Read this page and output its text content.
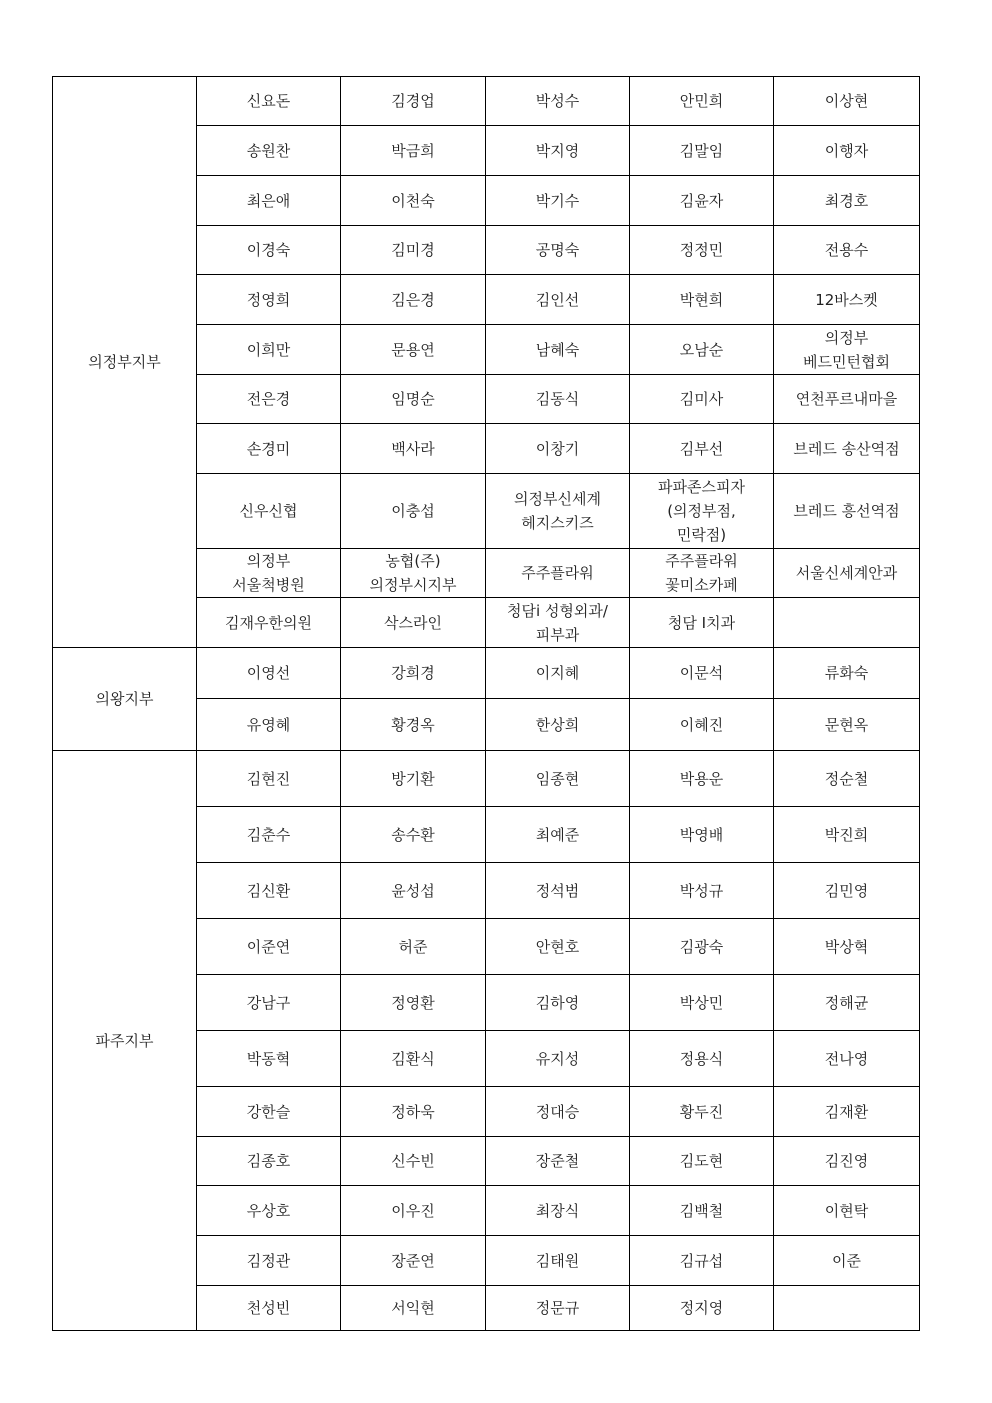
의정부지부	신요돈	김경업	박성수	안민희	이상현
	송원찬	박금희	박지영	김말임	이행자
	최은애	이천숙	박기수	김윤자	최경호
	이경숙	김미경	공명숙	정정민	전용수
	정영희	김은경	김인선	박현희	12바스켓
	이희만	문용연	남혜숙	오남순	의정부
베드민턴협회
	전은경	임명순	김동식	김미사	연천푸르내마을
	손경미	백사라	이창기	김부선	브레드 송산역점
	신우신협	이충섭	의정부신세계
헤지스키즈	파파존스피자
(의정부점,
민락점)	브레드 흥선역점
	의정부
서울척병원	농협(주)
의정부시지부	주주플라워	주주플라워
꽃미소카페	서울신세계안과
	김재우한의원	삭스라인	청담i 성형외과/
피부과	청담 I치과	
의왕지부	이영선	강희경	이지혜	이문석	류화숙
	유영혜	황경옥	한상희	이혜진	문현옥
파주지부	김현진	방기환	임종현	박용운	정순철
	김춘수	송수환	최예준	박영배	박진희
	김신환	윤성섭	정석범	박성규	김민영
	이준연	허준	안현호	김광숙	박상혁
	강남구	정영환	김하영	박상민	정해균
	박동혁	김환식	유지성	정용식	전나영
	강한슬	정하욱	정대승	황두진	김재환
	김종호	신수빈	장준철	김도현	김진영
	우상호	이우진	최장식	김백철	이현탁
	김정관	장준연	김태원	김규섭	이준
	천성빈	서익현	정문규	정지영	
